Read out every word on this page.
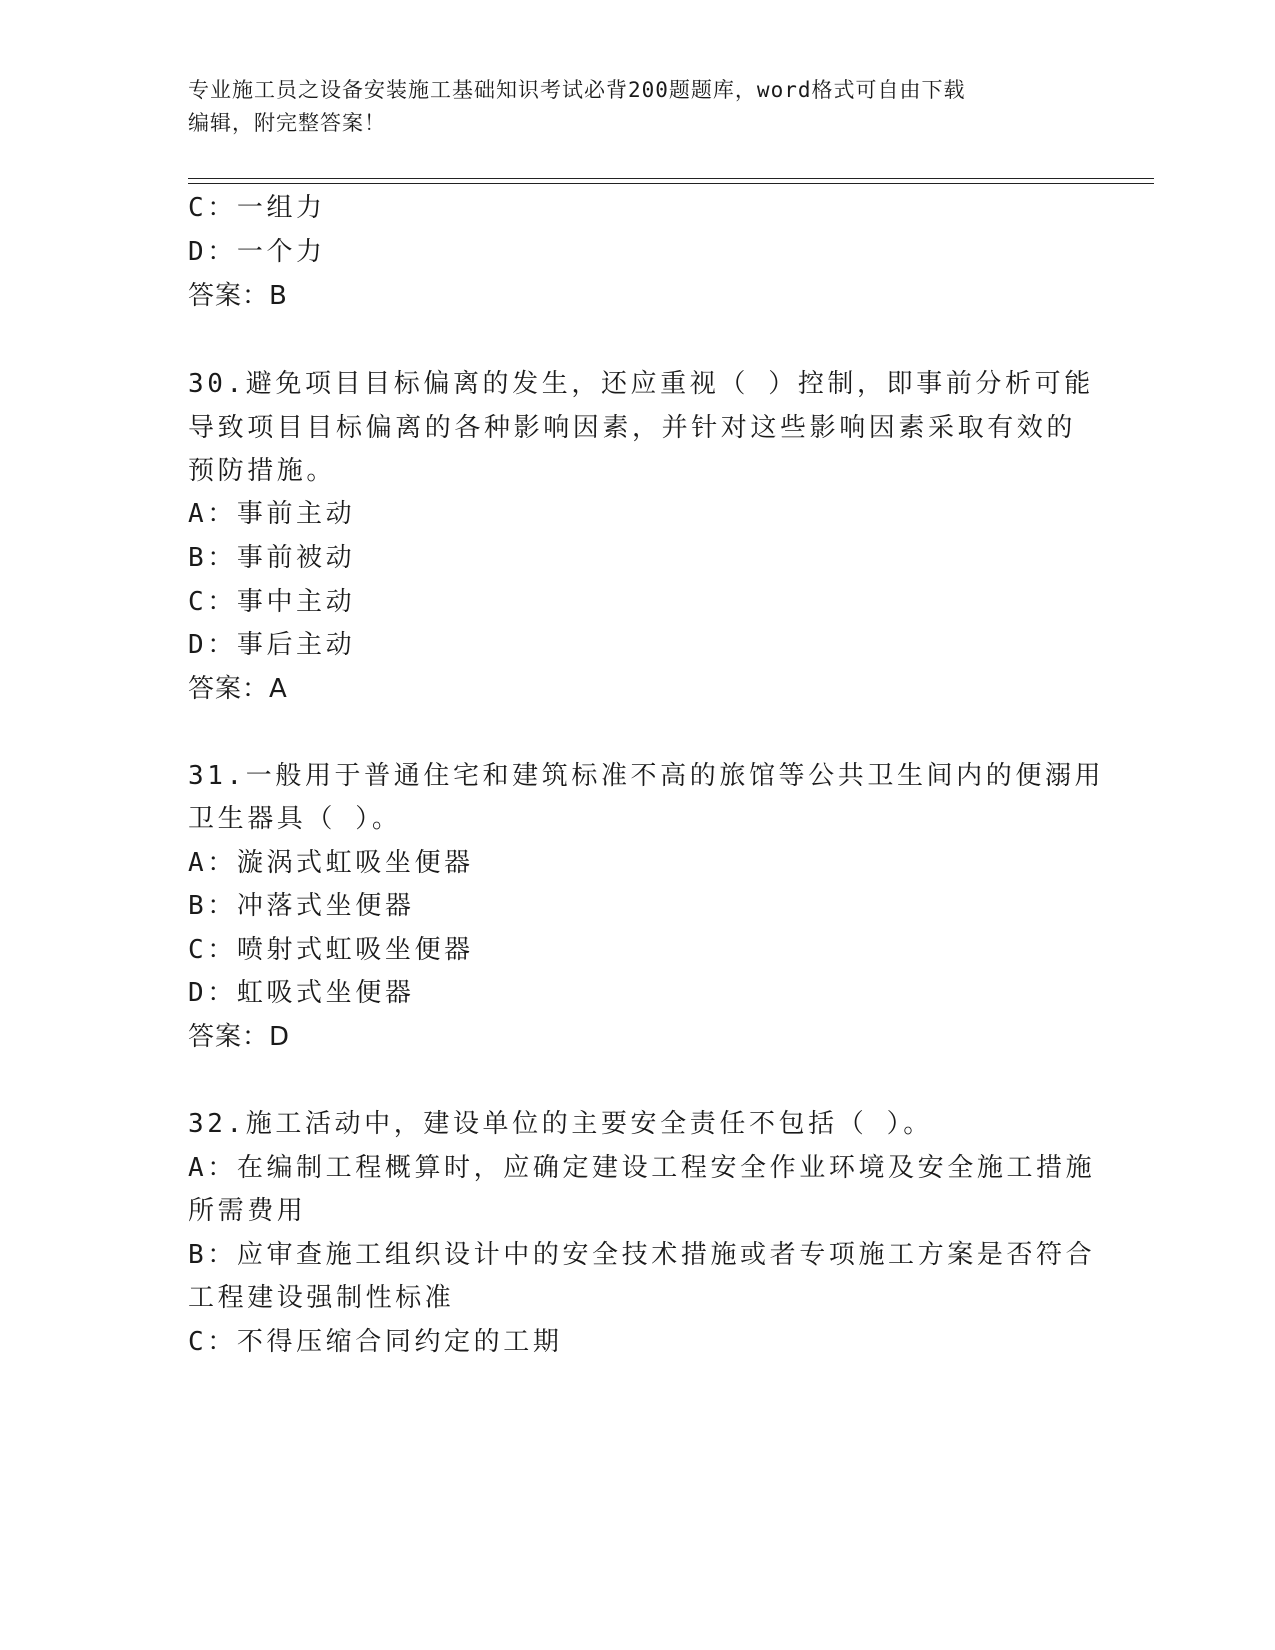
专业施工员之设备安装施工基础知识考试必背200题题库，word格式可自由下载
编辑，附完整答案！
C：一组力
D：一个力
答案：B
30.避免项目目标偏离的发生，还应重视（ ）控制，即事前分析可能
导致项目目标偏离的各种影响因素，并针对这些影响因素采取有效的
预防措施。
A：事前主动
B：事前被动
C：事中主动
D：事后主动
答案：A
31.一般用于普通住宅和建筑标准不高的旅馆等公共卫生间内的便溺用
卫生器具（ ）。
A：漩涡式虹吸坐便器
B：冲落式坐便器
C：喷射式虹吸坐便器
D：虹吸式坐便器
答案：D
32.施工活动中，建设单位的主要安全责任不包括（ ）。
A：在编制工程概算时，应确定建设工程安全作业环境及安全施工措施
所需费用
B：应审查施工组织设计中的安全技术措施或者专项施工方案是否符合
工程建设强制性标准
C：不得压缩合同约定的工期
